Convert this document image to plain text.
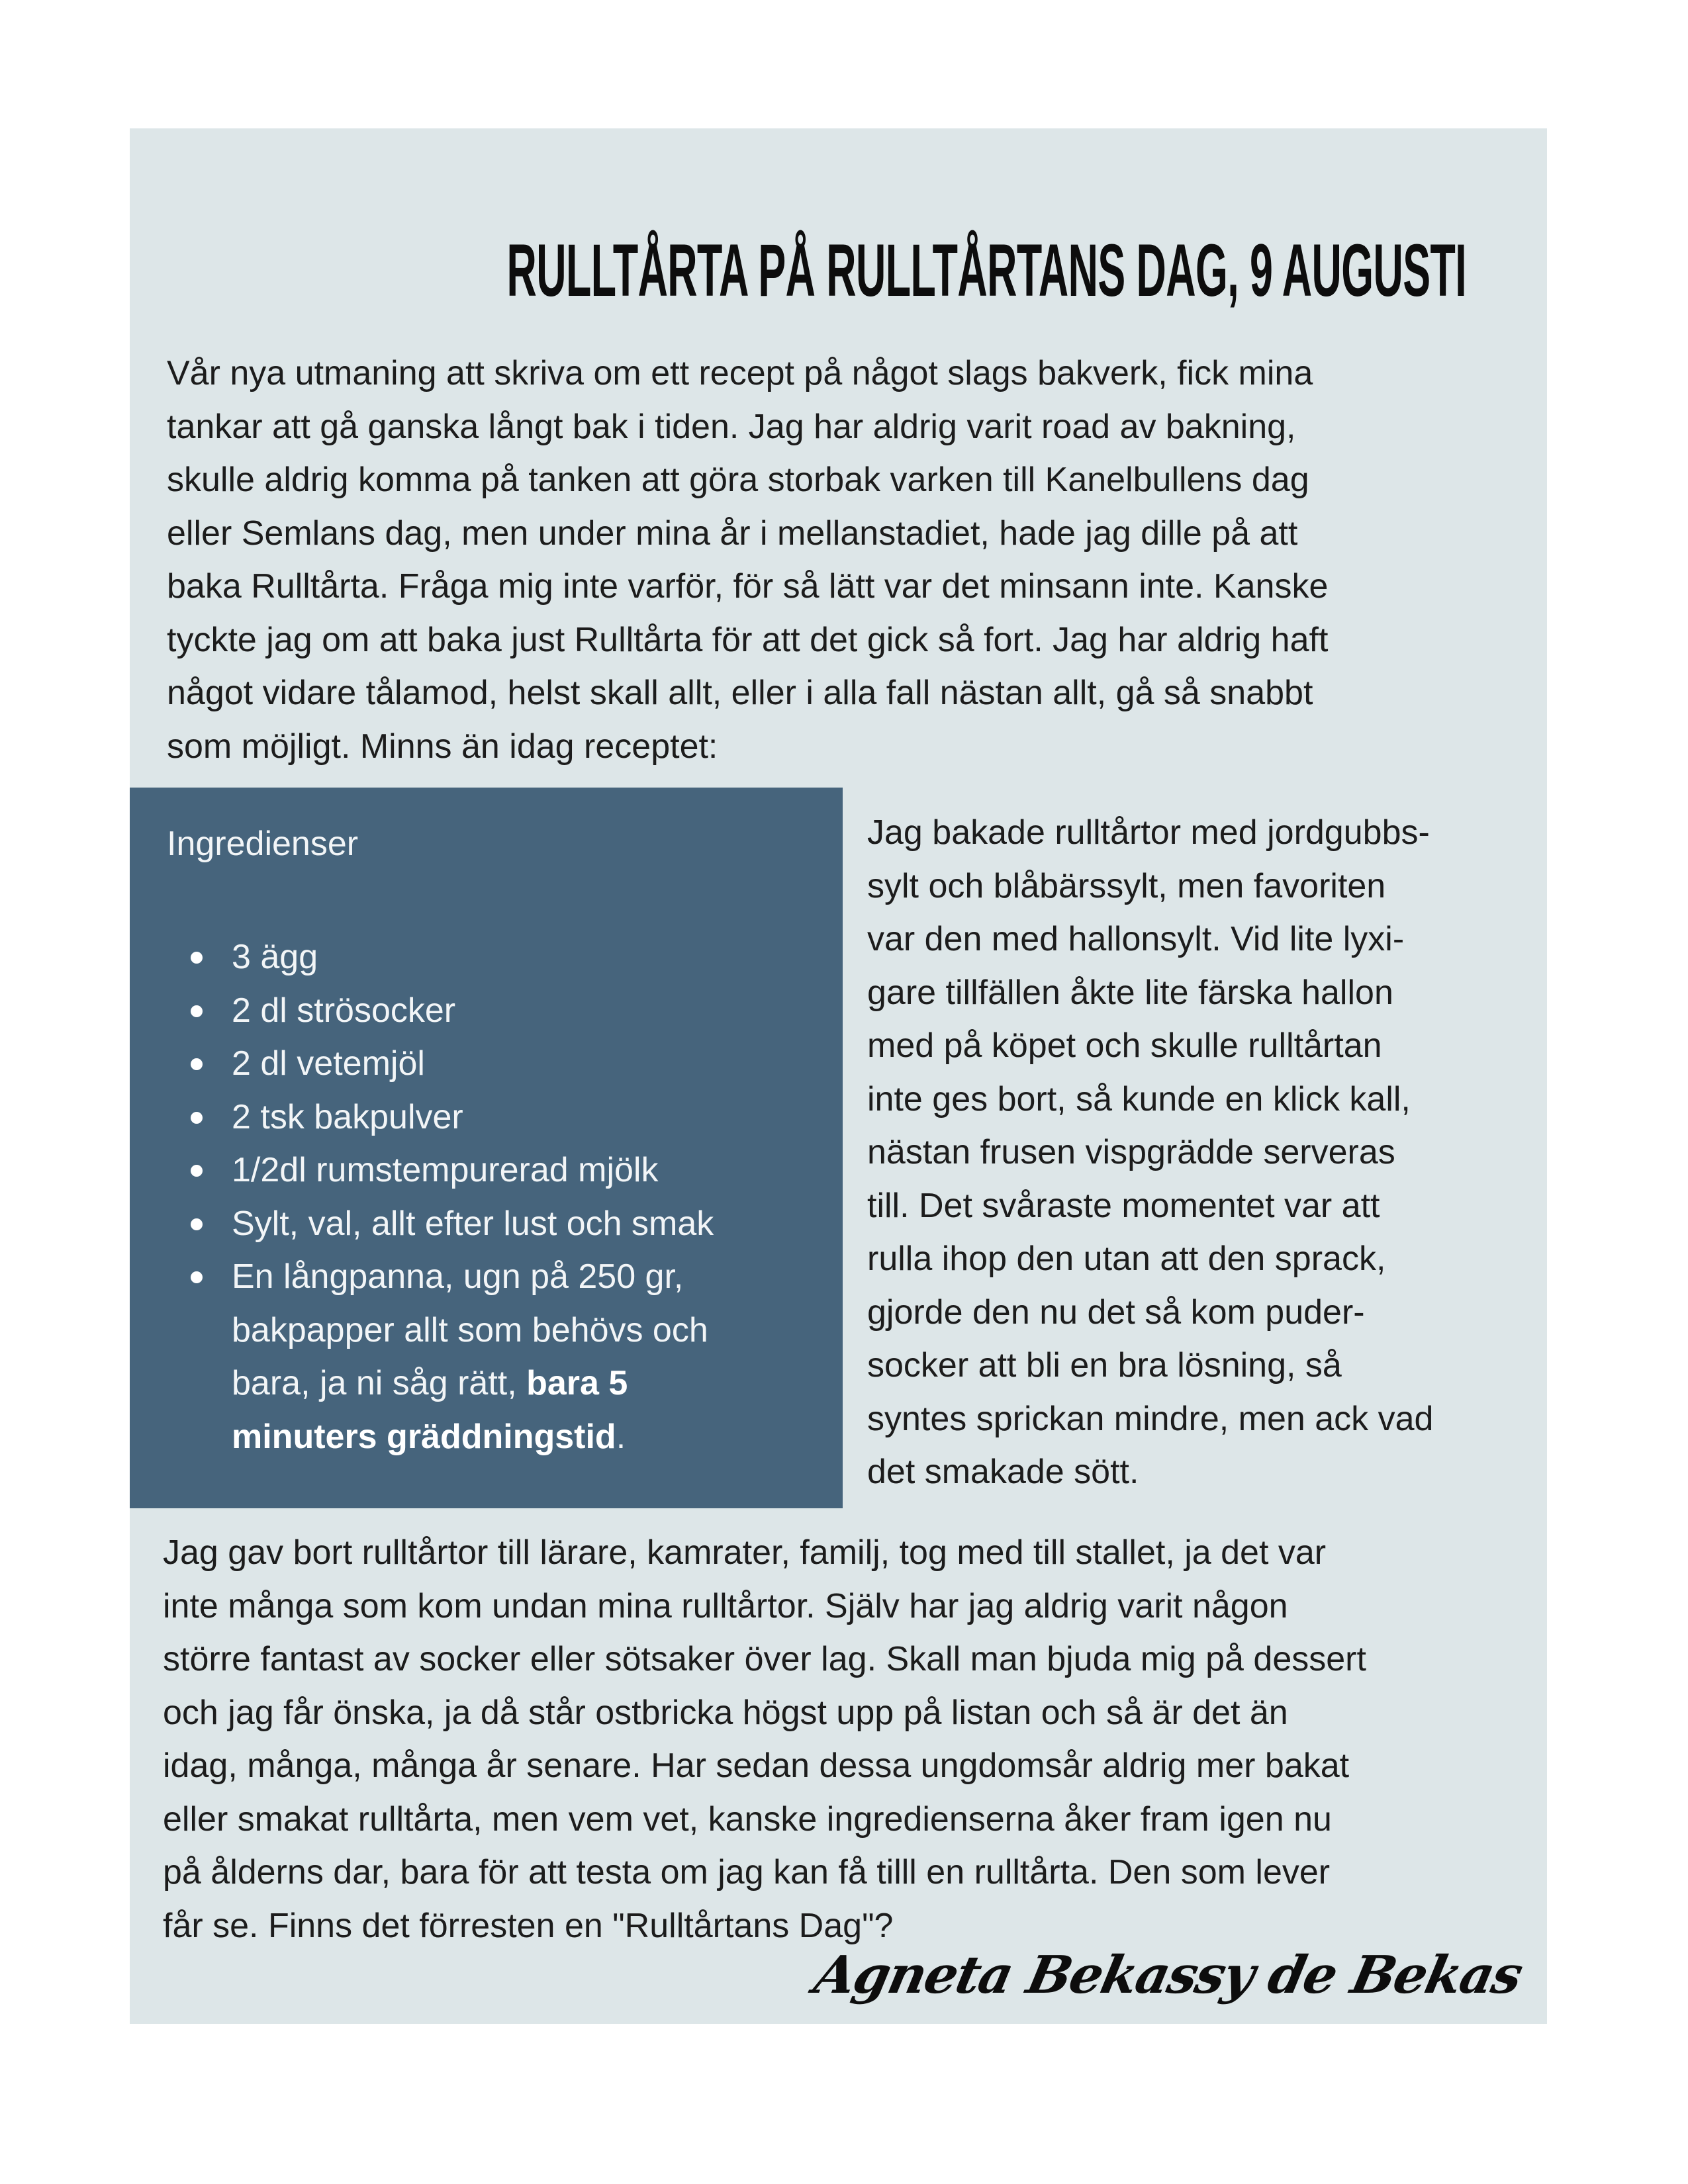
RULLTÅRTA PÅ RULLTÅRTANS DAG, 9 AUGUSTI
Vår nya utmaning att skriva om ett recept på något slags bakverk, fick mina
tankar att gå ganska långt bak i tiden. Jag har aldrig varit road av bakning,
skulle aldrig komma på tanken att göra storbak varken till Kanelbullens dag
eller Semlans dag, men under mina år i mellanstadiet, hade jag dille på att
baka Rulltårta. Fråga mig inte varför, för så lätt var det minsann inte. Kanske
tyckte jag om att baka just Rulltårta för att det gick så fort. Jag har aldrig haft
något vidare tålamod, helst skall allt, eller i alla fall nästan allt, gå så snabbt
som möjligt. Minns än idag receptet:
Ingredienser
3 ägg
2 dl strösocker
2 dl vetemjöl
2 tsk bakpulver
1/2dl rumstempurerad mjölk
Sylt, val, allt efter lust och smak
En långpanna, ugn på 250 gr,
bakpapper allt som behövs och
bara, ja ni såg rätt, bara 5
minuters gräddningstid.
Jag bakade rulltårtor med jordgubbs-
sylt och blåbärssylt, men favoriten
var den med hallonsylt. Vid lite lyxi-
gare tillfällen åkte lite färska hallon
med på köpet och skulle rulltårtan
inte ges bort, så kunde en klick kall,
nästan frusen vispgrädde serveras
till. Det svåraste momentet var att
rulla ihop den utan att den sprack,
gjorde den nu det så kom puder-
socker att bli en bra lösning, så
syntes sprickan mindre, men ack vad
det smakade sött.
Jag gav bort rulltårtor till lärare, kamrater, familj, tog med till stallet, ja det var
inte många som kom undan mina rulltårtor. Själv har jag aldrig varit någon
större fantast av socker eller sötsaker över lag. Skall man bjuda mig på dessert
och jag får önska, ja då står ostbricka högst upp på listan och så är det än
idag, många, många år senare. Har sedan dessa ungdomsår aldrig mer bakat
eller smakat rulltårta, men vem vet, kanske ingredienserna åker fram igen nu
på ålderns dar, bara för att testa om jag kan få tilll en rulltårta. Den som lever
får se. Finns det förresten en "Rulltårtans Dag"?
Agneta Bekassy de Bekas
